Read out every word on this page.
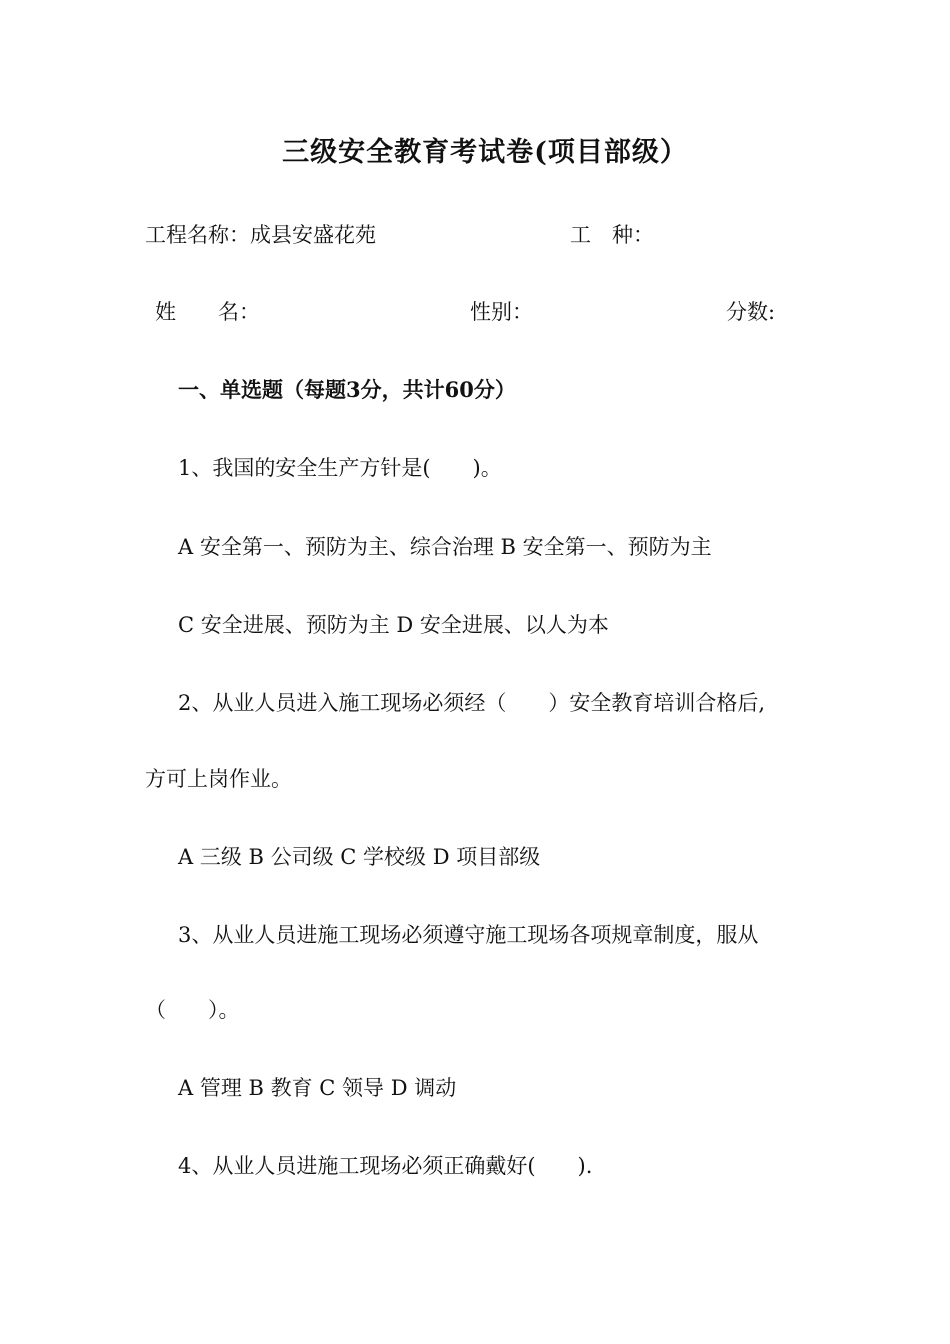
三级安全教育考试卷(项目部级）
工程名称：成县安盛花苑	工　种：
姓　　名：	性别：	分数:
一、单选题（每题3分，共计60分）
1、我国的安全生产方针是(　　)。
A 安全第一、预防为主、综合治理 B 安全第一、预防为主
C 安全进展、预防为主 D 安全进展、以人为本
2、从业人员进入施工现场必须经（　　）安全教育培训合格后,
方可上岗作业。
A 三级 B 公司级 C 学校级 D 项目部级
3、从业人员进施工现场必须遵守施工现场各项规章制度，服从
（　　）。
A 管理 B 教育 C 领导 D 调动
4、从业人员进施工现场必须正确戴好(　　).
